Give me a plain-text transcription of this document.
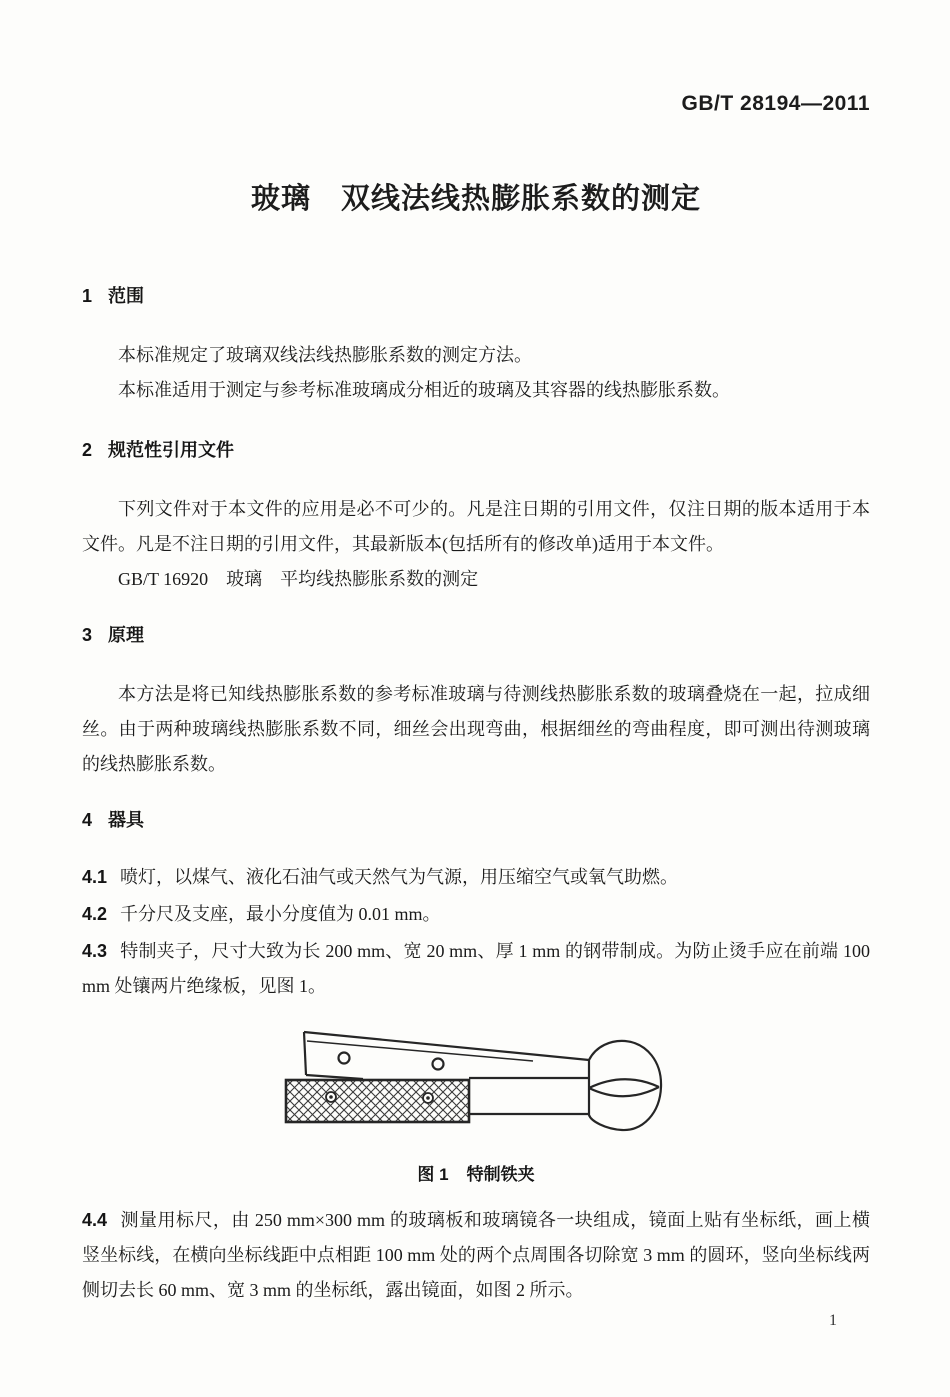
GB/T 28194—2011
玻璃　双线法线热膨胀系数的测定
1 范围

本标准规定了玻璃双线法线热膨胀系数的测定方法。

本标准适用于测定与参考标准玻璃成分相近的玻璃及其容器的线热膨胀系数。

2 规范性引用文件

下列文件对于本文件的应用是必不可少的。凡是注日期的引用文件，仅注日期的版本适用于本文件。凡是不注日期的引用文件，其最新版本(包括所有的修改单)适用于本文件。

GB/T 16920　玻璃　平均线热膨胀系数的测定

3 原理

本方法是将已知线热膨胀系数的参考标准玻璃与待测线热膨胀系数的玻璃叠烧在一起，拉成细丝。由于两种玻璃线热膨胀系数不同，细丝会出现弯曲，根据细丝的弯曲程度，即可测出待测玻璃的线热膨胀系数。

4 器具

4.1 喷灯，以煤气、液化石油气或天然气为气源，用压缩空气或氧气助燃。

4.2 千分尺及支座，最小分度值为 0.01 mm。

4.3 特制夹子，尺寸大致为长 200 mm、宽 20 mm、厚 1 mm 的钢带制成。为防止烫手应在前端 100 mm 处镶两片绝缘板，见图 1。

图 1 特制铁夹

4.4 测量用标尺，由 250 mm×300 mm 的玻璃板和玻璃镜各一块组成，镜面上贴有坐标纸，画上横竖坐标线，在横向坐标线距中点相距 100 mm 处的两个点周围各切除宽 3 mm 的圆环，竖向坐标线两侧切去长 60 mm、宽 3 mm 的坐标纸，露出镜面，如图 2 所示。

1
